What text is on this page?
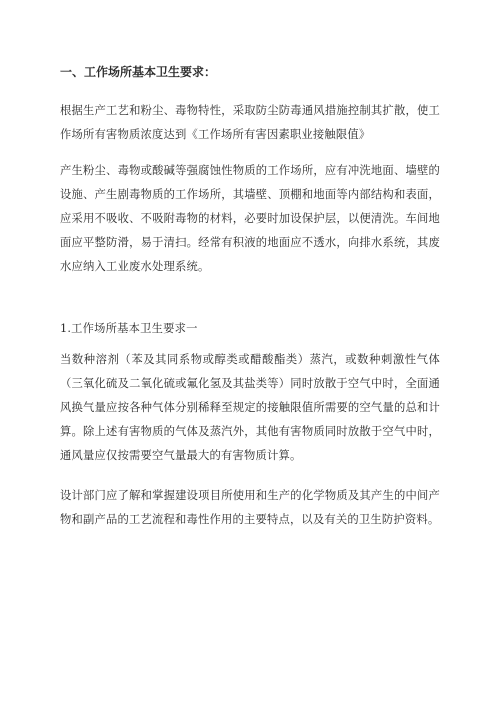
一、工作场所基本卫生要求：

根据生产工艺和粉尘、毒物特性，采取防尘防毒通风措施控制其扩散，使工作场所有害物质浓度达到《工作场所有害因素职业接触限值》

产生粉尘、毒物或酸碱等强腐蚀性物质的工作场所，应有冲洗地面、墙壁的设施、产生剧毒物质的工作场所，其墙壁、顶棚和地面等内部结构和表面，应采用不吸收、不吸附毒物的材料，必要时加设保护层，以便清洗。车间地面应平整防滑，易于清扫。经常有积液的地面应不透水，向排水系统，其废水应纳入工业废水处理系统。

1.工作场所基本卫生要求一

当数种溶剂（苯及其同系物或醇类或醋酸酯类）蒸汽，或数种刺激性气体（三氧化硫及二氧化硫或氟化氢及其盐类等）同时放散于空气中时，全面通风换气量应按各种气体分别稀释至规定的接触限值所需要的空气量的总和计算。除上述有害物质的气体及蒸汽外，其他有害物质同时放散于空气中时，通风量应仅按需要空气量最大的有害物质计算。

设计部门应了解和掌握建设项目所使用和生产的化学物质及其产生的中间产物和副产品的工艺流程和毒性作用的主要特点，以及有关的卫生防护资料。
